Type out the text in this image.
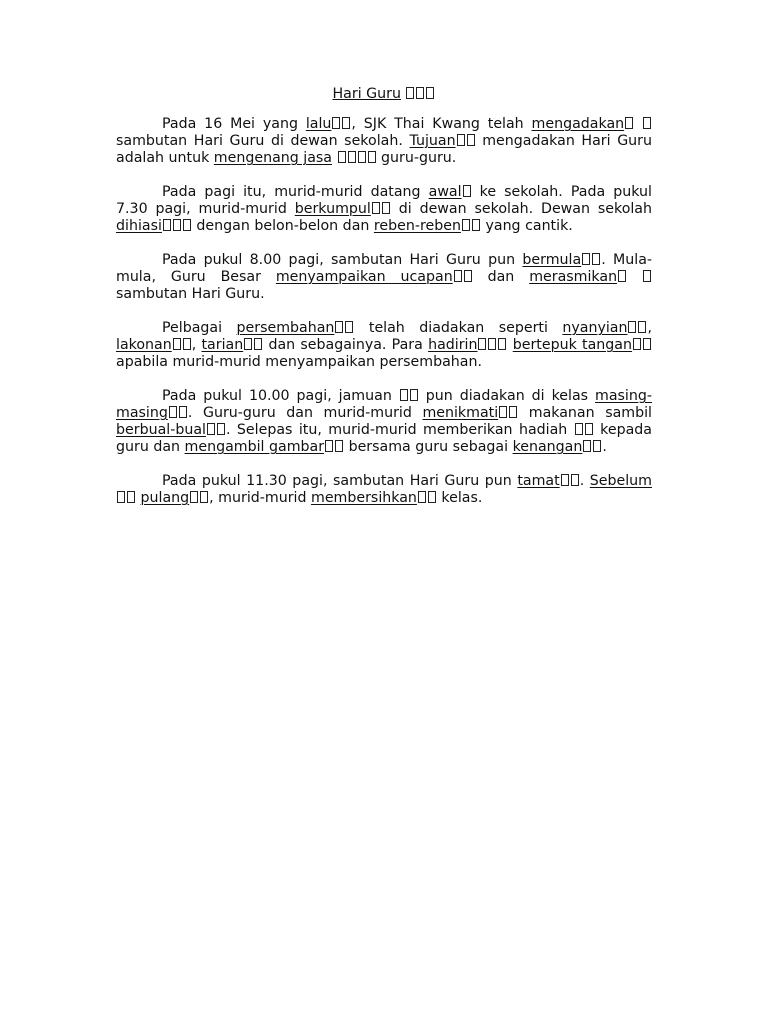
Hari Guru

Pada 16 Mei yang lalu , SJK Thai Kwang telah mengadakan  sambutan Hari Guru di dewan sekolah. Tujuan mengadakan Hari Guru adalah untuk mengenang jasa	guru-guru.

Pada pagi itu, murid-murid datang awal ke sekolah. Pada pukul 7.30 pagi, murid-murid berkumpul di dewan sekolah. Dewan sekolah dihiasi dengan belon-belon dan reben-reben yang cantik.

Pada pukul 8.00 pagi, sambutan Hari Guru pun bermula . Mula-mula, Guru Besar menyampaikan ucapan dan merasmikan  sambutan Hari Guru.

Pelbagai persembahan telah diadakan seperti nyanyian , lakonan , tarian dan sebagainya. Para hadirin bertepuk tangan apabila murid-murid menyampaikan persembahan.

Pada pukul 10.00 pagi, jamuan  pun diadakan di kelas masing-masing . Guru-guru dan murid-murid menikmati makanan sambil berbual-bual . Selepas itu, murid-murid memberikan hadiah  kepada guru dan mengambil gambar bersama guru sebagai kenangan .

Pada pukul 11.30 pagi, sambutan Hari Guru pun tamat . Sebelum pulang , murid-murid membersihkan kelas.
